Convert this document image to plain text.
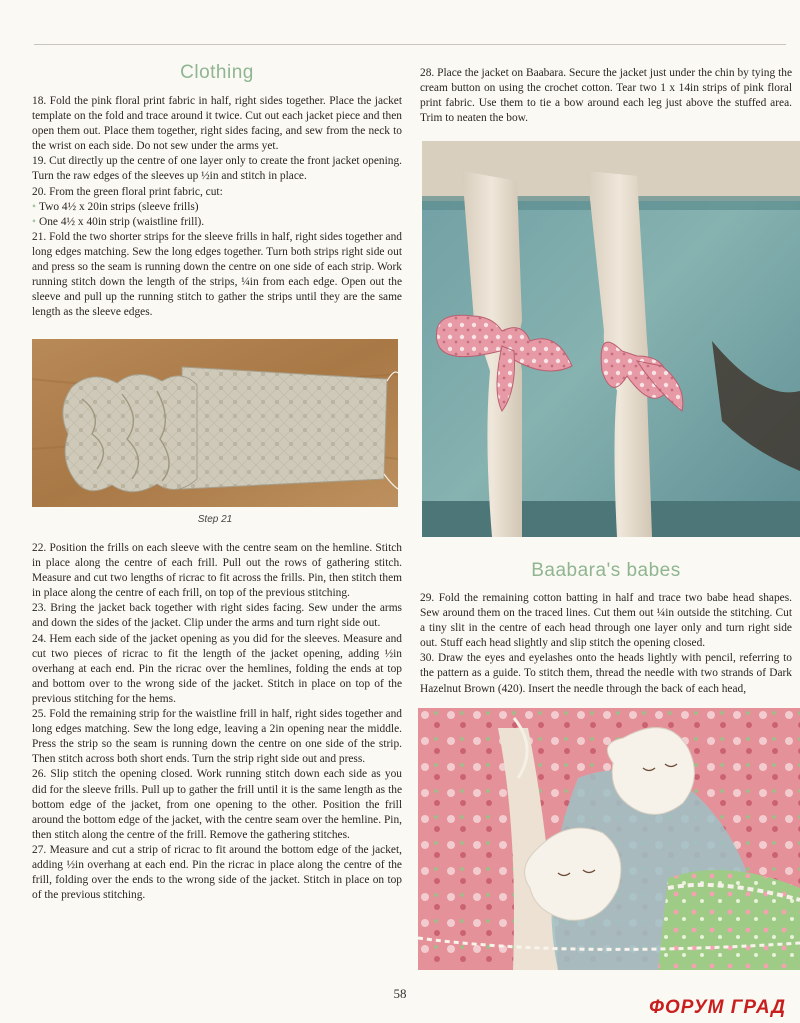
Clothing

18. Fold the pink floral print fabric in half, right sides together. Place the jacket template on the fold and trace around it twice. Cut out each jacket piece and then open them out. Place them together, right sides facing, and sew from the neck to the wrist on each side. Do not sew under the arms yet.

19. Cut directly up the centre of one layer only to create the front jacket opening. Turn the raw edges of the sleeves up ½in and stitch in place.

20. From the green floral print fabric, cut:

• Two 4½ x 20in strips (sleeve frills)

• One 4½ x 40in strip (waistline frill).

21. Fold the two shorter strips for the sleeve frills in half, right sides together and long edges matching. Sew the long edges together. Turn both strips right side out and press so the seam is running down the centre on one side of each strip. Work running stitch down the length of the strips, ¼in from each edge. Open out the sleeve and pull up the running stitch to gather the strips until they are the same length as the sleeve edges.

Step 21

22. Position the frills on each sleeve with the centre seam on the hemline. Stitch in place along the centre of each frill. Pull out the rows of gathering stitch. Measure and cut two lengths of ricrac to fit across the frills. Pin, then stitch them in place along the centre of each frill, on top of the previous stitching.

23. Bring the jacket back together with right sides facing. Sew under the arms and down the sides of the jacket. Clip under the arms and turn right side out.

24. Hem each side of the jacket opening as you did for the sleeves. Measure and cut two pieces of ricrac to fit the length of the jacket opening, adding ½in overhang at each end. Pin the ricrac over the hemlines, folding the ends at top and bottom over to the wrong side of the jacket. Stitch in place on top of the previous stitching for the hems.

25. Fold the remaining strip for the waistline frill in half, right sides together and long edges matching. Sew the long edge, leaving a 2in opening near the middle. Press the strip so the seam is running down the centre on one side of the strip. Then stitch across both short ends. Turn the strip right side out and press.

26. Slip stitch the opening closed. Work running stitch down each side as you did for the sleeve frills. Pull up to gather the frill until it is the same length as the bottom edge of the jacket, from one opening to the other. Position the frill around the bottom edge of the jacket, with the centre seam over the hemline. Pin, then stitch along the centre of the frill. Remove the gathering stitches.

27. Measure and cut a strip of ricrac to fit around the bottom edge of the jacket, adding ½in overhang at each end. Pin the ricrac in place along the centre of the frill, folding over the ends to the wrong side of the jacket. Stitch in place on top of the previous stitching.

28. Place the jacket on Baabara. Secure the jacket just under the chin by tying the cream button on using the crochet cotton. Tear two 1 x 14in strips of pink floral print fabric. Use them to tie a bow around each leg just above the stuffed area. Trim to neaten the bow.

Baabara's babes

29. Fold the remaining cotton batting in half and trace two babe head shapes. Sew around them on the traced lines. Cut them out ¼in outside the stitching. Cut a tiny slit in the centre of each head through one layer only and turn right side out. Stuff each head slightly and slip stitch the opening closed.

30. Draw the eyes and eyelashes onto the heads lightly with pencil, referring to the pattern as a guide. To stitch them, thread the needle with two strands of Dark Hazelnut Brown (420). Insert the needle through the back of each head,

58
ФОРУМ ГРАД
